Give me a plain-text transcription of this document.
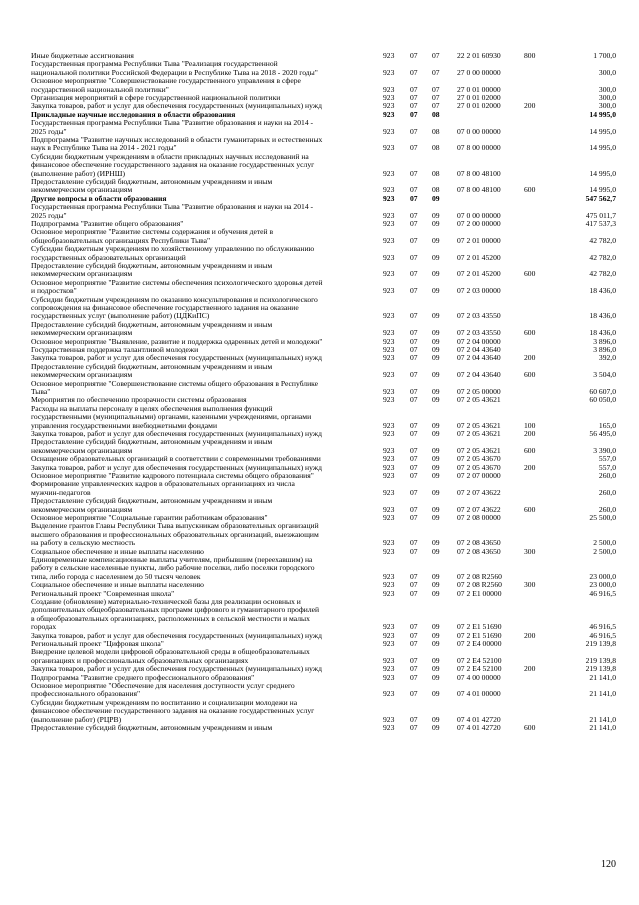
Иные бюджетные ассигнования	923	07	07	22 2 01 60930	800	1 700,0
Государственная программа Республики Тыва "Реализация государственной
национальной политики Российской Федерации в Республике Тыва на 2018 - 2020 годы"	923	07	07	27 0 00 00000	300,0
Основное мероприятие "Совершенствование государственного управления в сфере
государственной национальной политики"	923	07	07	27 0 01 00000	300,0
Организация мероприятий в сфере государственной национальной политики	923	07	07	27 0 01 02000	300,0
Закупка товаров, работ и услуг для обеспечения государственных (муниципальных) нужд	923	07	07	27 0 01 02000	200	300,0
Прикладные научные исследования в области образования	923	07	08	14 995,0
Государственная программа Республики Тыва "Развитие образования и науки на 2014 -
2025 годы"	923	07	08	07 0 00 00000	14 995,0
Подпрограмма "Развитие научных исследований в области гуманитарных и естественных
наук в Республике Тыва на 2014 - 2021 годы"	923	07	08	07 8 00 00000	14 995,0
Субсидии бюджетным учреждениям в области прикладных научных исследований на
финансовое обеспечение государственного задания на оказание государственных услуг
(выполнение работ) (ИРНШ)	923	07	08	07 8 00 48100	14 995,0
Предоставление субсидий бюджетным, автономным учреждениям и иным
некоммерческим организациям	923	07	08	07 8 00 48100	600	14 995,0
Другие вопросы в области образования	923	07	09	547 562,7
Государственная программа Республики Тыва "Развитие образования и науки на 2014 -
2025 годы"	923	07	09	07 0 00 00000	475 011,7
Подпрограмма "Развитие общего образования"	923	07	09	07 2 00 00000	417 537,3
Основное мероприятие "Развитие системы содержания и обучения детей в
общеобразовательных организациях Республики Тыва"	923	07	09	07 2 01 00000	42 782,0
Субсидии бюджетным учреждениям по хозяйственному управлению по обслуживанию
государственных образовательных организаций	923	07	09	07 2 01 45200	42 782,0
Предоставление субсидий бюджетным, автономным учреждениям и иным
некоммерческим организациям	923	07	09	07 2 01 45200	600	42 782,0
Основное мероприятие "Развитие системы обеспечения психологического здоровья детей
и подростков"	923	07	09	07 2 03 00000	18 436,0
Субсидии бюджетным учреждениям по оказанию консультирования и психологического
сопровождения на финансовое обеспечение государственного задания на оказание
государственных услуг (выполнение работ) (ЦДКиПС)	923	07	09	07 2 03 43550	18 436,0
Предоставление субсидий бюджетным, автономным учреждениям и иным
некоммерческим организациям	923	07	09	07 2 03 43550	600	18 436,0
Основное мероприятие "Выявление, развитие и поддержка одаренных детей и молодежи"	923	07	09	07 2 04 00000	3 896,0
Государственная поддержка талантливой молодежи	923	07	09	07 2 04 43640	3 896,0
Закупка товаров, работ и услуг для обеспечения государственных (муниципальных) нужд	923	07	09	07 2 04 43640	200	392,0
Предоставление субсидий бюджетным, автономным учреждениям и иным
некоммерческим организациям	923	07	09	07 2 04 43640	600	3 504,0
Основное мероприятие "Совершенствование системы общего образования в Республике
Тыва"	923	07	09	07 2 05 00000	60 607,0
Мероприятия по обеспечению прозрачности системы образования	923	07	09	07 2 05 43621	60 050,0
Расходы на выплаты персоналу в целях обеспечения выполнения функций
государственными (муниципальными) органами, казенными учреждениями, органами
управления государственными внебюджетными фондами	923	07	09	07 2 05 43621	100	165,0
Закупка товаров, работ и услуг для обеспечения государственных (муниципальных) нужд	923	07	09	07 2 05 43621	200	56 495,0
Предоставление субсидий бюджетным, автономным учреждениям и иным
некоммерческим организациям	923	07	09	07 2 05 43621	600	3 390,0
Оснащение образовательных организаций в соответствии с современными требованиями	923	07	09	07 2 05 43670	557,0
Закупка товаров, работ и услуг для обеспечения государственных (муниципальных) нужд	923	07	09	07 2 05 43670	200	557,0
Основное мероприятие "Развитие кадрового потенциала системы общего образования"	923	07	09	07 2 07 00000	260,0
Формирование управленческих кадров в образовательных организациях из числа
мужчин-педагогов	923	07	09	07 2 07 43622	260,0
Предоставление субсидий бюджетным, автономным учреждениям и иным
некоммерческим организациям	923	07	09	07 2 07 43622	600	260,0
Основное мероприятие "Социальные гарантии работникам образования"	923	07	09	07 2 08 00000	25 500,0
Выделение грантов Главы Республики Тыва выпускникам образовательных организаций
высшего образования и профессиональных образовательных организаций, выезжающим
на работу в сельскую местность	923	07	09	07 2 08 43650	2 500,0
Социальное обеспечение и иные выплаты населению	923	07	09	07 2 08 43650	300	2 500,0
Единовременные компенсационные выплаты учителям, прибывшим (переехавшим) на
работу в сельские населенные пункты, либо рабочие поселки, либо поселки городского
типа, либо города с населением до 50 тысяч человек	923	07	09	07 2 08 R2560	23 000,0
Социальное обеспечение и иные выплаты населению	923	07	09	07 2 08 R2560	300	23 000,0
Региональный проект "Современная школа"	923	07	09	07 2 E1 00000	46 916,5
Создание (обновление) материально-технической базы для реализации основных и
дополнительных общеобразовательных программ цифрового и гуманитарного профилей
в общеобразовательных организациях, расположенных в сельской местности и малых
городах	923	07	09	07 2 E1 51690	46 916,5
Закупка товаров, работ и услуг для обеспечения государственных (муниципальных) нужд	923	07	09	07 2 E1 51690	200	46 916,5
Региональный проект "Цифровая школа"	923	07	09	07 2 E4 00000	219 139,8
Внедрение целевой модели цифровой образовательной среды в общеобразовательных
организациях и профессиональных образовательных организациях	923	07	09	07 2 E4 52100	219 139,8
Закупка товаров, работ и услуг для обеспечения государственных (муниципальных) нужд	923	07	09	07 2 E4 52100	200	219 139,8
Подпрограмма "Развитие среднего профессионального образования"	923	07	09	07 4 00 00000	21 141,0
Основное мероприятие "Обеспечение для населения доступности услуг среднего
профессионального образования"	923	07	09	07 4 01 00000	21 141,0
Субсидии бюджетным учреждениям по воспитанию и социализации молодежи на
финансовое обеспечение государственного задания на оказание государственных услуг
(выполнение работ) (РЦРВ)	923	07	09	07 4 01 42720	21 141,0
Предоставление субсидий бюджетным, автономным учреждениям и иным	923	07	09	07 4 01 42720	600	21 141,0
120
